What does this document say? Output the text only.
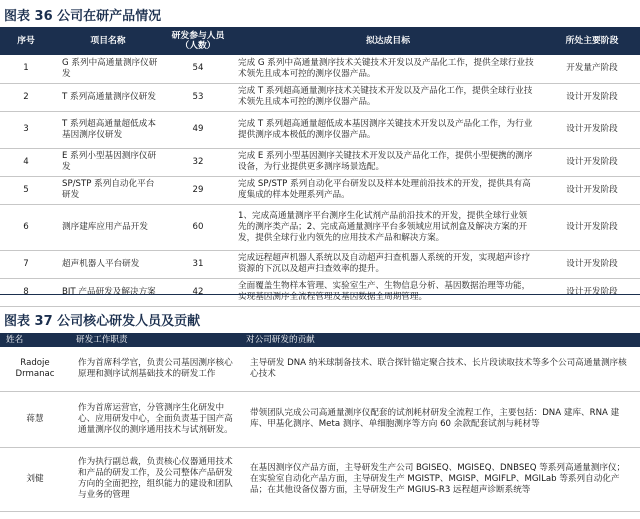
图表 36 公司在研产品情况
序号	项目名称	研发参与人员（人数）	拟达成目标	所处主要阶段
1	G 系列中高通量测序仪研发	54	完成 G 系列中高通量测序技术关键技术开发以及产品化工作，提供全球行业技术领先且成本可控的测序仪器产品。	开发量产阶段
2	T 系列高通量测序仪研发	53	完成 T 系列超高通量测序技术关键技术开发以及产品化工作，提供全球行业技术领先且成本可控的测序仪器产品。	设计开发阶段
3	T 系列超高通量超低成本基因测序仪研发	49	完成 T 系列超高通量超低成本基因测序关键技术开发以及产品化工作，为行业提供测序成本极低的测序仪器产品。	设计开发阶段
4	E 系列小型基因测序仪研发	32	完成 E 系列小型基因测序关键技术开发以及产品化工作，提供小型便携的测序设备，为行业提供更多测序场景选配。	设计开发阶段
5	SP/STP 系列自动化平台研发	29	完成 SP/STP 系列自动化平台研发以及样本处理前沿技术的开发，提供具有高度集成的样本处理系列产品。	设计开发阶段
6	测序建库应用产品开发	60	1、完成高通量测序平台测序生化试剂产品前沿技术的开发，提供全球行业领先的测序类产品；2、完成高通量测序平台多领域应用试剂盒及解决方案的开发，提供全球行业内领先的应用技术产品和解决方案。	设计开发阶段
7	超声机器人平台研发	31	完成远程超声机器人系统以及自动超声扫查机器人系统的开发，实现超声诊疗资源的下沉以及超声扫查效率的提升。	设计开发阶段
8	BIT 产品研发及解决方案	42	全面覆盖生物样本管理、实验室生产、生物信息分析、基因数据治理等功能，实现基因测序全流程管理及基因数据全周期管理。	设计开发阶段
图表 37 公司核心研发人员及贡献
姓名	研发工作职责	对公司研发的贡献
Radoje Drmanac	作为首席科学官，负责公司基因测序核心原理和测序试剂基础技术的研发工作	主导研发 DNA 纳米球制备技术、联合探针锚定聚合技术、长片段读取技术等多个公司高通量测序核心技术
蒋慧	作为首席运营官，分管测序生化研发中心、应用研发中心，全面负责基于国产高通量测序仪的测序通用技术与试剂研发。	带领团队完成公司高通量测序仪配套的试剂耗材研发全流程工作，主要包括：DNA 建库、RNA 建库、甲基化测序、Meta 测序、单细胞测序等方向 60 余款配套试剂与耗材等
刘健	作为执行副总裁，负责核心仪器通用技术和产品的研发工作，及公司整体产品研发方向的全面把控，组织能力的建设和团队与业务的管理	在基因测序仪产品方面，主导研发生产公司 BGISEQ、MGISEQ、DNBSEQ 等系列高通量测序仪；在实验室自动化产品方面，主导研发生产 MGISTP、MGISP、MGIFLP、MGILab 等系列自动化产品；在其他设备仪器方面，主导研发生产 MGIUS-R3 远程超声诊断系统等
